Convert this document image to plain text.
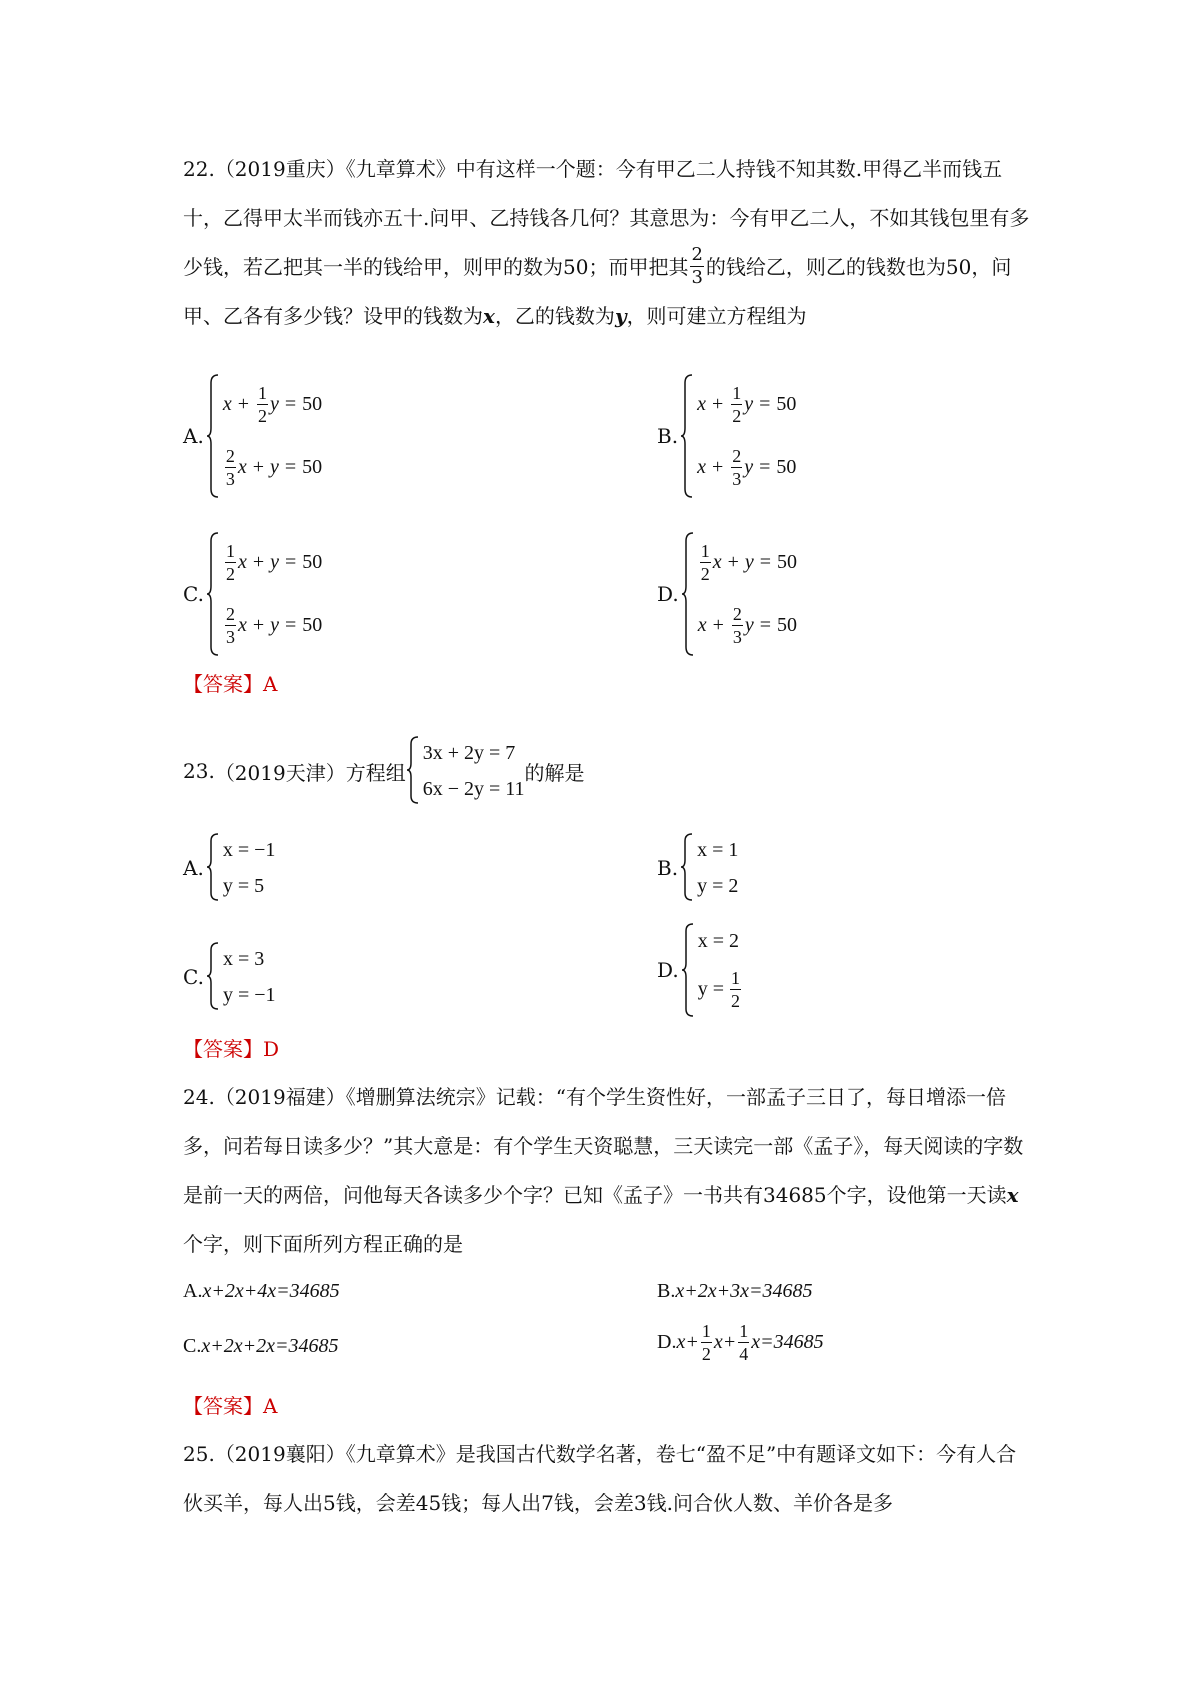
22.（2019重庆）《九章算术》中有这样一个题：今有甲乙二人持钱不知其数.甲得乙半而钱五十，乙得甲太半而钱亦五十.问甲、乙持钱各几何？其意思为：今有甲乙二人，不如其钱包里有多少钱，若乙把其一半的钱给甲，则甲的数为50；而甲把其 $\frac{2}{3}$ 的钱给乙，则乙的钱数也为50，问甲、乙各有多少钱？设甲的钱数为x，乙的钱数为y，则可建立方程组为

A.
$x + \frac{1}{2}$ y = 50
$\frac{2}{3}$ x + y = 50
B.
$x + \frac{1}{2}$ y = 50
$x + \frac{2}{3}$ y = 50
C.
$\frac{1}{2}$ x + y = 50
$\frac{2}{3}$ x + y = 50
D.
$\frac{1}{2}$ x + y = 50
$x + \frac{2}{3}$ y = 50

【答案】A

23. （2019天津） 方程组
3x + 2y = 7
6x − 2y = 11
的解是
A.
x = −1
y = 5
B.
x = 1
y = 2
C.
x = 3
y = −1
D.
x = 2
$y = \frac{1}{2}$

【答案】D

24.（2019福建）《增删算法统宗》记载：“有个学生资性好，一部孟子三日了，每日增添一倍多，问若每日读多少？”其大意是：有个学生天资聪慧，三天读完一部《孟子》，每天阅读的字数是前一天的两倍，问他每天各读多少个字？已知《孟子》一书共有34685个字，设他第一天读x个字，则下面所列方程正确的是

A. x+2x+4x=34685	B. x+2x+3x=34685
C. x+2x+2x=34685	D. $x+ \frac{1}{2} x+ \frac{1}{4} x=34685$

【答案】A

25.（2019襄阳）《九章算术》是我国古代数学名著，卷七“盈不足”中有题译文如下：今有人合伙买羊，每人出5钱，会差45钱；每人出7钱，会差3钱.问合伙人数、羊价各是多
